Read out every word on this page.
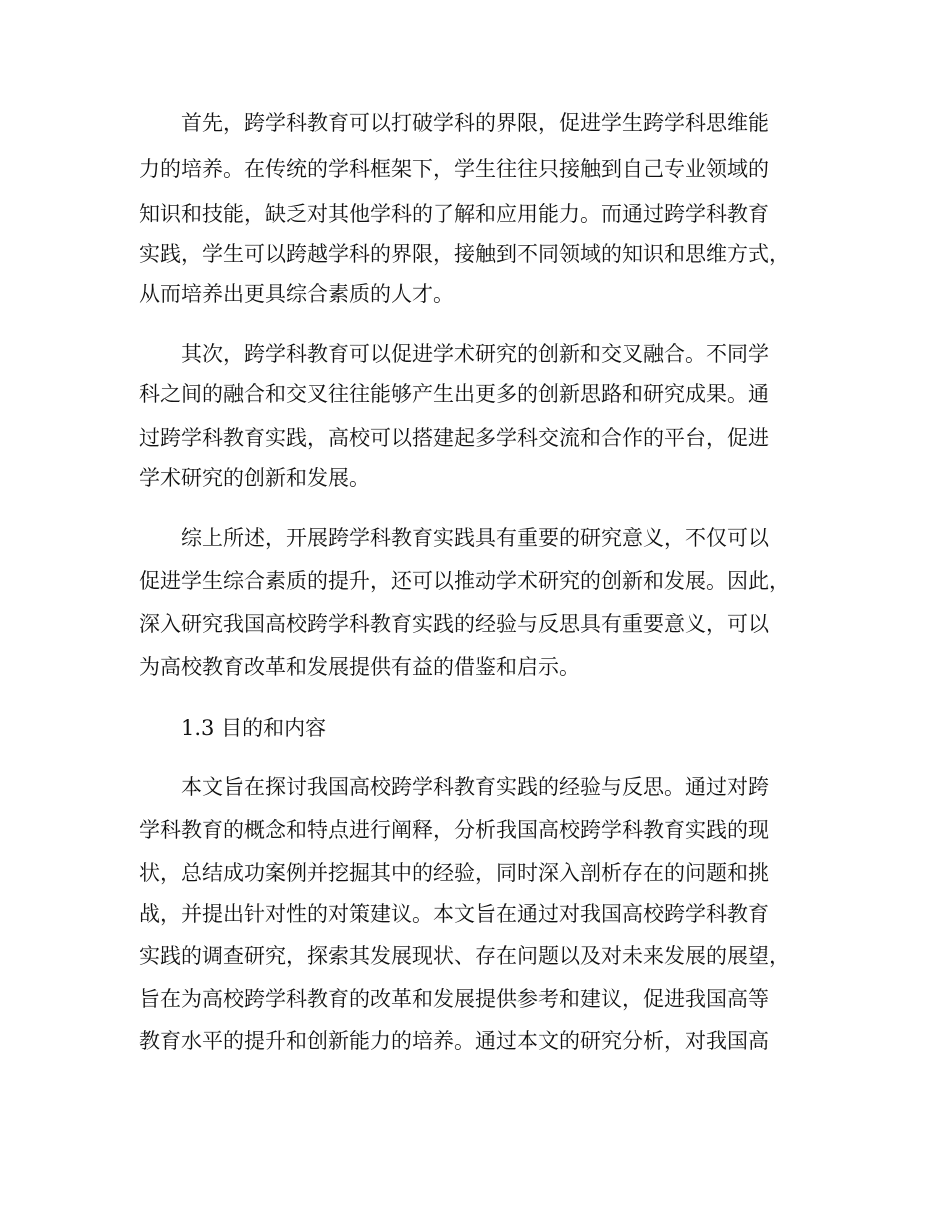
首先，跨学科教育可以打破学科的界限，促进学生跨学科思维能

力的培养。在传统的学科框架下，学生往往只接触到自己专业领域的

知识和技能，缺乏对其他学科的了解和应用能力。而通过跨学科教育

实践，学生可以跨越学科的界限，接触到不同领域的知识和思维方式，

从而培养出更具综合素质的人才。

其次，跨学科教育可以促进学术研究的创新和交叉融合。不同学

科之间的融合和交叉往往能够产生出更多的创新思路和研究成果。通

过跨学科教育实践，高校可以搭建起多学科交流和合作的平台，促进

学术研究的创新和发展。

综上所述，开展跨学科教育实践具有重要的研究意义，不仅可以

促进学生综合素质的提升，还可以推动学术研究的创新和发展。因此，

深入研究我国高校跨学科教育实践的经验与反思具有重要意义，可以

为高校教育改革和发展提供有益的借鉴和启示。

1.3 目的和内容

本文旨在探讨我国高校跨学科教育实践的经验与反思。通过对跨

学科教育的概念和特点进行阐释，分析我国高校跨学科教育实践的现

状，总结成功案例并挖掘其中的经验，同时深入剖析存在的问题和挑

战，并提出针对性的对策建议。本文旨在通过对我国高校跨学科教育

实践的调查研究，探索其发展现状、存在问题以及对未来发展的展望，

旨在为高校跨学科教育的改革和发展提供参考和建议，促进我国高等

教育水平的提升和创新能力的培养。通过本文的研究分析，对我国高
